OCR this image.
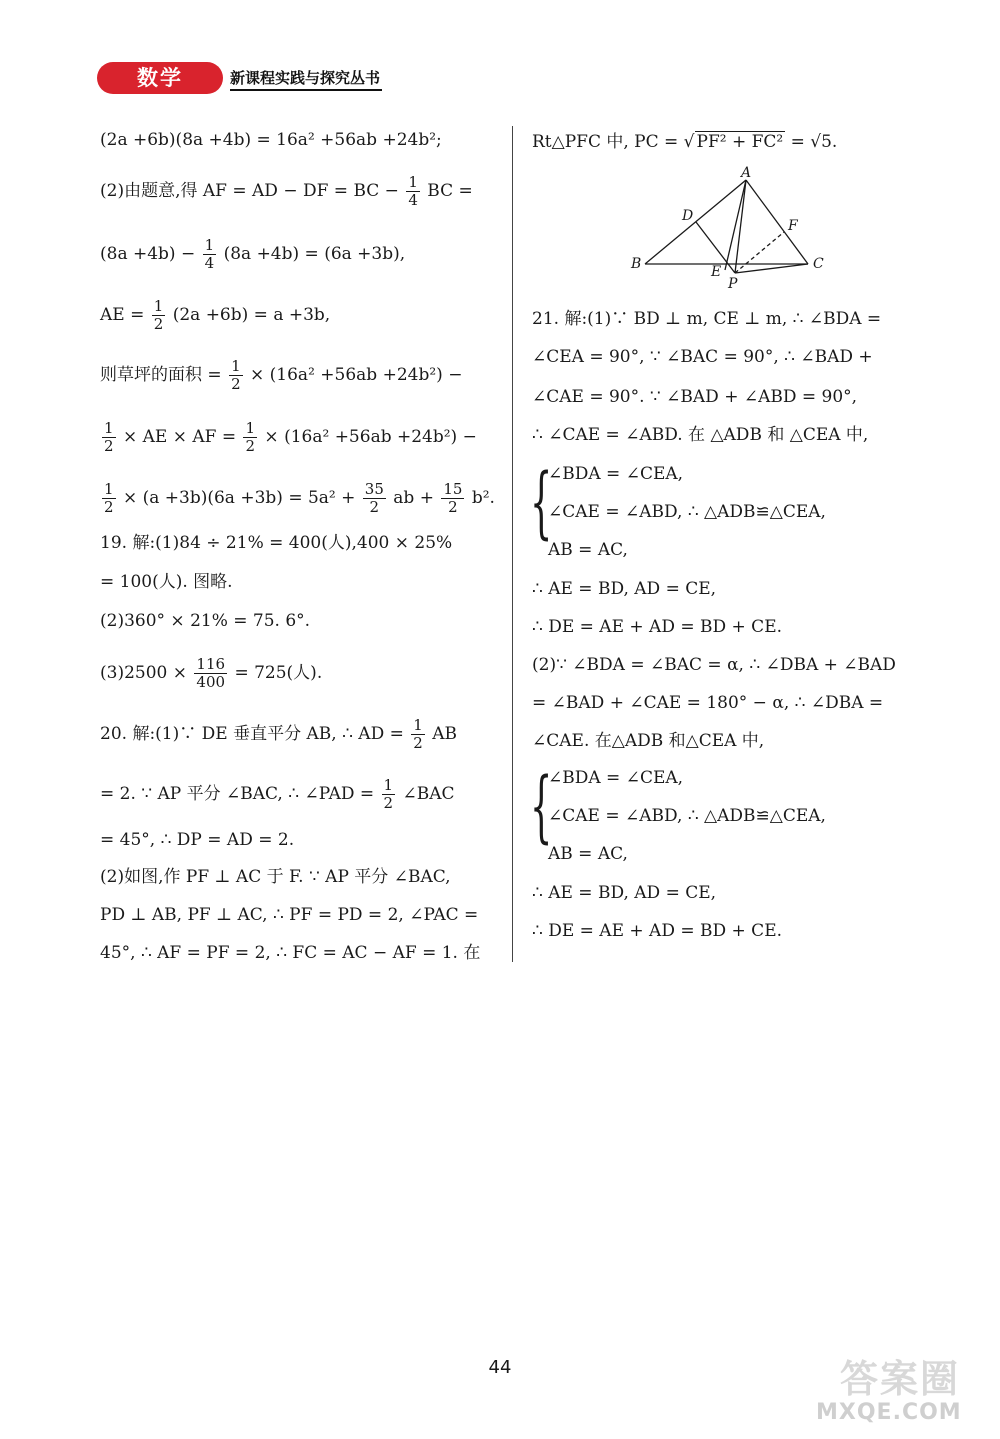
数学	新课程实践与探究丛书
(2a +6b)(8a +4b) = 16a² +56ab +24b²;
(2)由题意,得 AF = AD − DF = BC − $\frac{1}{4}$ BC =
$(8a +4b) - \frac{1}{4} (8a +4b) = (6a +3b)$,
AE = $\frac{1}{2} (2a +6b) = a +3b$,
则草坪的面积 = $\frac{1}{2} \times (16a^2 +56ab +24b^2)$ −
$\frac{1}{2}$ × AE × AF = $\frac{1}{2} \times (16a^2 +56ab +24b^2)$ −
$\frac{1}{2} \times (a +3b)(6a +3b) = 5a^2 + \frac{35}{2}$ ab + $\frac{15}{2} b^2$.
19. 解:(1)84 ÷ 21% = 400(人),400 × 25%
= 100(人). 图略.
(2)360° × 21% = 75. 6°.
$(3)2500 \times \frac{116}{400} = 725$(人).
20. 解:(1)∵ DE 垂直平分 AB, ∴ AD = $\frac{1}{2}$ AB
= 2. ∵ AP 平分 ∠BAC, ∴ ∠PAD = $\frac{1}{2}$ ∠BAC
= 45°, ∴ DP = AD = 2.
(2)如图,作 PF ⊥ AC 于 F. ∵ AP 平分 ∠BAC,
PD ⊥ AB, PF ⊥ AC, ∴ PF = PD = 2, ∠PAC =
45°, ∴ AF = PF = 2, ∴ FC = AC − AF = 1. 在
Rt△PFC 中, PC = √ PF² + FC² = √5.
A
B	C
D
E
F
P
21. 解:(1)∵ BD ⊥ m, CE ⊥ m, ∴ ∠BDA =
∠CEA = 90°, ∵ ∠BAC = 90°, ∴ ∠BAD +
∠CAE = 90°. ∵ ∠BAD + ∠ABD = 90°,
∴ ∠CAE = ∠ABD. 在 △ADB 和 △CEA 中,
{
∠BDA = ∠CEA,
∠CAE = ∠ABD, ∴ △ADB≌△CEA,
AB = AC,
∴ AE = BD, AD = CE,
∴ DE = AE + AD = BD + CE.
(2)∵ ∠BDA = ∠BAC = α, ∴ ∠DBA + ∠BAD
= ∠BAD + ∠CAE = 180° − α, ∴ ∠DBA =
∠CAE. 在△ADB 和△CEA 中,
{
∠BDA = ∠CEA,
∠CAE = ∠ABD, ∴ △ADB≌△CEA,
AB = AC,
∴ AE = BD, AD = CE,
∴ DE = AE + AD = BD + CE.
44	答案圈
MXQE.COM
